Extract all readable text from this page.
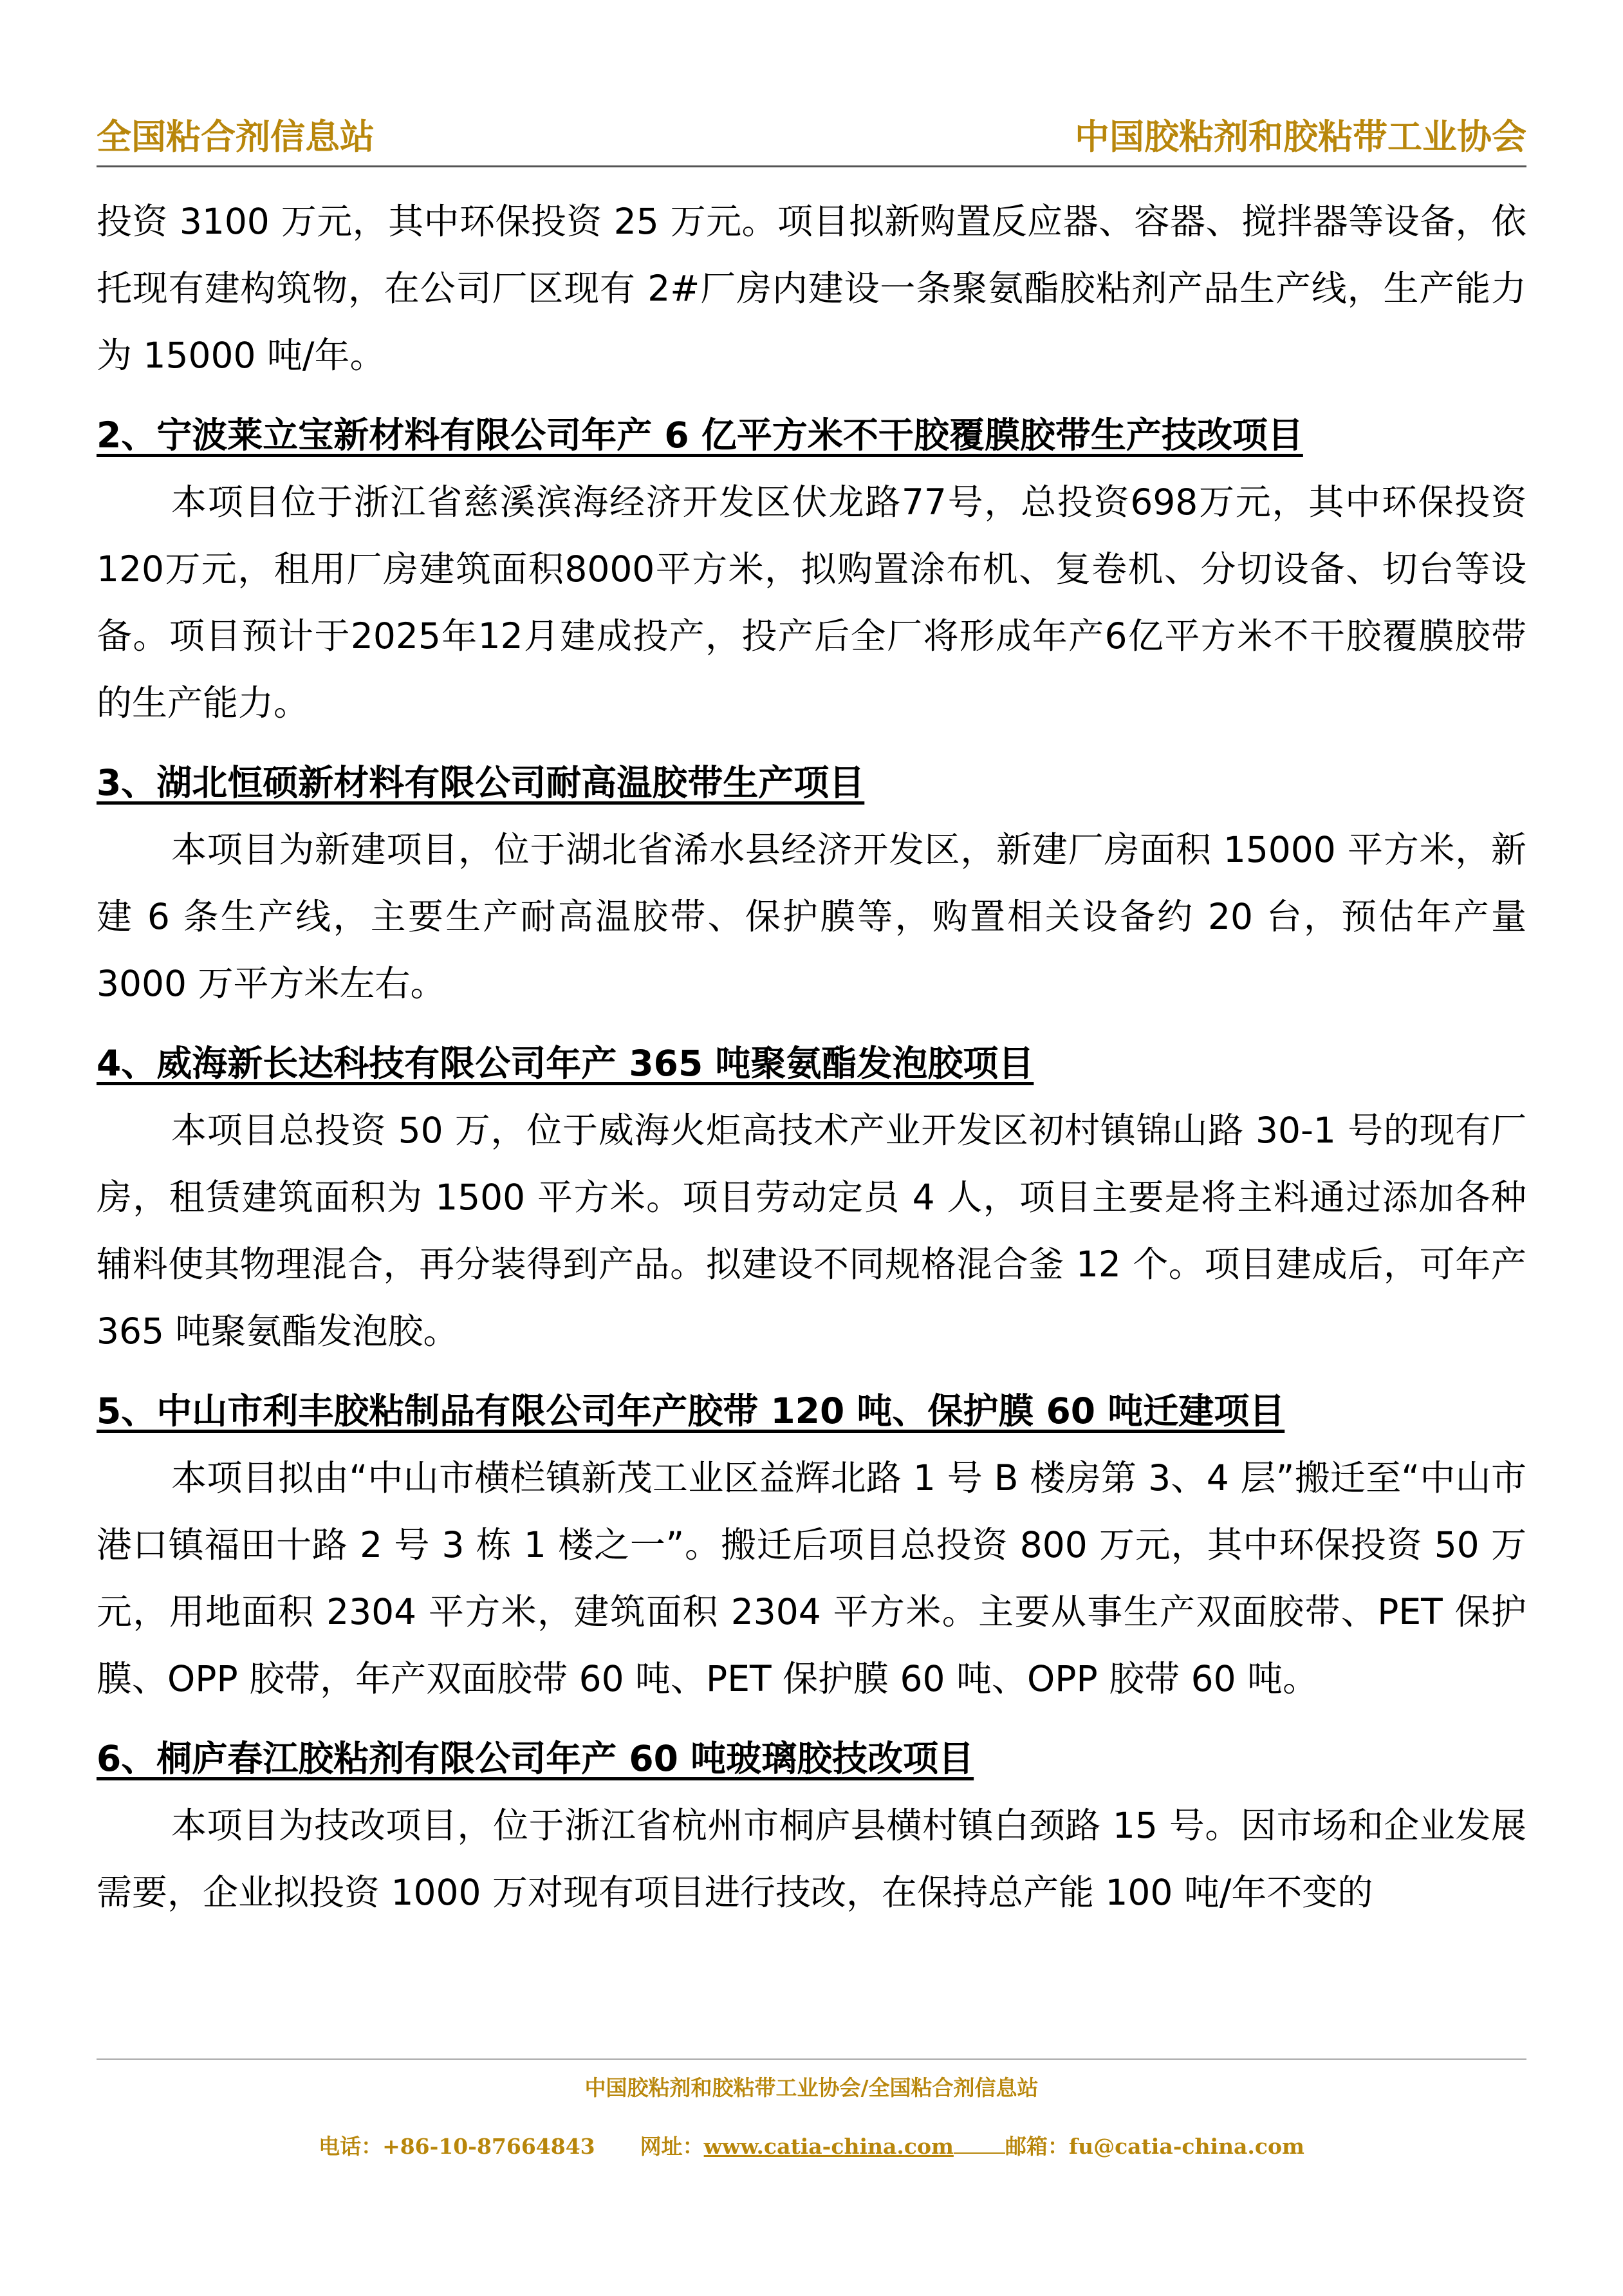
全国粘合剂信息站	中国胶粘剂和胶粘带工业协会

投资 3100 万元，其中环保投资 25 万元。项目拟新购置反应器、容器、搅拌器等设备，依托现有建构筑物，在公司厂区现有 2#厂房内建设一条聚氨酯胶粘剂产品生产线，生产能力为 15000 吨/年。

2、宁波莱立宝新材料有限公司年产 6 亿平方米不干胶覆膜胶带生产技改项目

本项目位于浙江省慈溪滨海经济开发区伏龙路77号，总投资698万元，其中环保投资120万元，租用厂房建筑面积8000平方米，拟购置涂布机、复卷机、分切设备、切台等设备。项目预计于2025年12月建成投产，投产后全厂将形成年产6亿平方米不干胶覆膜胶带的生产能力。

3、湖北恒硕新材料有限公司耐高温胶带生产项目

本项目为新建项目，位于湖北省浠水县经济开发区，新建厂房面积 15000 平方米，新建 6 条生产线，主要生产耐高温胶带、保护膜等，购置相关设备约 20 台，预估年产量 3000 万平方米左右。

4、威海新长达科技有限公司年产 365 吨聚氨酯发泡胶项目

本项目总投资 50 万，位于威海火炬高技术产业开发区初村镇锦山路 30-1 号的现有厂房，租赁建筑面积为 1500 平方米。项目劳动定员 4 人，项目主要是将主料通过添加各种辅料使其物理混合，再分装得到产品。拟建设不同规格混合釜 12 个。项目建成后，可年产 365 吨聚氨酯发泡胶。

5、中山市利丰胶粘制品有限公司年产胶带 120 吨、保护膜 60 吨迁建项目

本项目拟由“中山市横栏镇新茂工业区益辉北路 1 号 B 楼房第 3、4 层”搬迁至“中山市港口镇福田十路 2 号 3 栋 1 楼之一”。搬迁后项目总投资 800 万元，其中环保投资 50 万元，用地面积 2304 平方米，建筑面积 2304 平方米。主要从事生产双面胶带、PET 保护膜、OPP 胶带，年产双面胶带 60 吨、PET 保护膜 60 吨、OPP 胶带 60 吨。

6、桐庐春江胶粘剂有限公司年产 60 吨玻璃胶技改项目

本项目为技改项目，位于浙江省杭州市桐庐县横村镇白颈路 15 号。因市场和企业发展需要，企业拟投资 1000 万对现有项目进行技改，在保持总产能 100 吨/年不变的

中国胶粘剂和胶粘带工业协会/全国粘合剂信息站
电话：+86-10-87664843 网址：www.catia-china.com 邮箱：fu@catia-china.com
